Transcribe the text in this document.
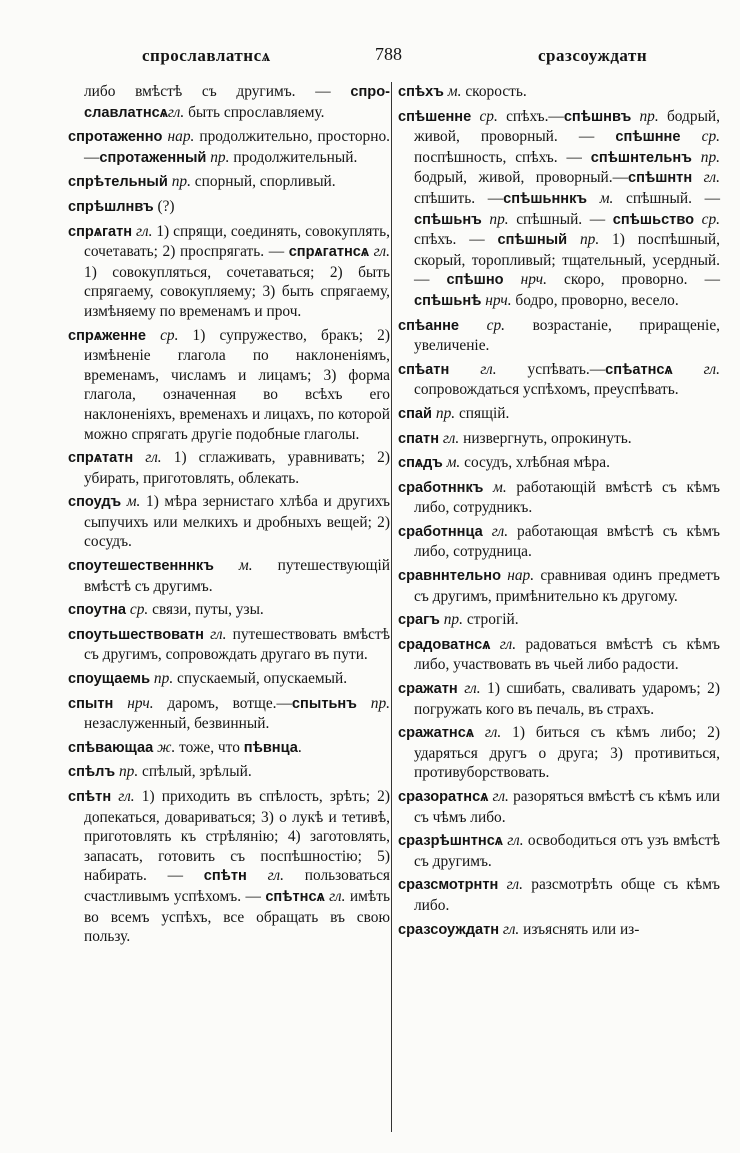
спрославлатнсѧ	788	сразсоуждатн

либо вмѣстѣ съ другимъ. — спро-славлатнсѧгл. быть спрославляему.

спротаженно нар. продолжительно, просторно.—спротаженный пр. продолжительный.

спрѣтельный пр. спорный, спорливый.

спрѣшлнвъ (?)

спрѧгатн гл. 1) спрящи, соединять, совокуплять, сочетавать; 2) проспрягать. — спрѧгатнсѧ гл. 1) совокупляться, сочетаваться; 2) быть спрягаему, совокупляему; 3) быть спрягаему, измѣняему по временамъ и проч.

спрѧженне ср. 1) супружество, бракъ; 2) измѣненіе глагола по наклоненіямъ, временамъ, числамъ и лицамъ; 3) форма глагола, означенная во всѣхъ его наклоненіяхъ, временахъ и лицахъ, по которой можно спрягать другіе подобные глаголы.

спрѧтатн гл. 1) сглаживать, уравнивать; 2) убирать, приготовлять, облекать.

споудъ м. 1) мѣра зернистаго хлѣба и другихъ сыпучихъ или мелкихъ и дробныхъ вещей; 2) сосудъ.

споутешественннкъ м. путешествующій вмѣстѣ съ другимъ.

споутна ср. связи, путы, узы.

споутьшествоватн гл. путешествовать вмѣстѣ съ другимъ, сопровождать другаго въ пути.

споущаемь пр. спускаемый, опускаемый.

спытн нрч. даромъ, вотще.—спытьнъ пр. незаслуженный, безвинный.

спѣвающаа ж. тоже, что пѣвнца.

спѣлъ пр. спѣлый, зрѣлый.

спѣтн гл. 1) приходить въ спѣлость, зрѣть; 2) допекаться, довариваться; 3) о лукѣ и тетивѣ, приготовлять къ стрѣлянію; 4) заготовлять, запасать, готовить съ поспѣшностію; 5) набирать. — спѣтн гл. пользоваться счастливымъ успѣхомъ. — спѣтнсѧ гл. имѣть во всемъ успѣхъ, все обращать въ свою пользу.

спѣхъ м. скорость.

спѣшенне ср. спѣхъ.—спѣшнвъ пр. бодрый, живой, проворный. — спѣшнне ср. поспѣшность, спѣхъ. — спѣшнтельнъ пр. бодрый, живой, проворный.—спѣшнтн гл. спѣшить. —спѣшьннкъ м. спѣшный. — спѣшьнъ пр. спѣшный. — спѣшьство ср. спѣхъ. — спѣшный пр. 1) поспѣшный, скорый, торопливый; тщательный, усердный. — спѣшно нрч. скоро, проворно. — спѣшьнѣ нрч. бодро, проворно, весело.

спѣанне ср. возрастаніе, приращеніе, увеличеніе.

спѣатн гл. успѣвать.—спѣатнсѧ гл. сопровождаться успѣхомъ, преуспѣвать.

спай пр. спящій.

спатн гл. низвергнуть, опрокинуть.

спѧдъ м. сосудъ, хлѣбная мѣра.

сработннкъ м. работающій вмѣстѣ съ кѣмъ либо, сотрудникъ.

сработннца гл. работающая вмѣстѣ съ кѣмъ либо, сотрудница.

сравннтельно нар. сравнивая одинъ предметъ съ другимъ, примѣнительно къ другому.

срагъ пр. строгій.

срадоватнсѧ гл. радоваться вмѣстѣ съ кѣмъ либо, участвовать въ чьей либо радости.

сражатн гл. 1) сшибать, сваливать ударомъ; 2) погружать кого въ печаль, въ страхъ.

сражатнсѧ гл. 1) биться съ кѣмъ либо; 2) ударяться другъ о друга; 3) противиться, противуборствовать.

сразоратнсѧ гл. разоряться вмѣстѣ съ кѣмъ или съ чѣмъ либо.

сразрѣшнтнсѧ гл. освободиться отъ узъ вмѣстѣ съ другимъ.

сразсмотрнтн гл. разсмотрѣть обще съ кѣмъ либо.

сразсоуждатн гл. изъяснять или из-
